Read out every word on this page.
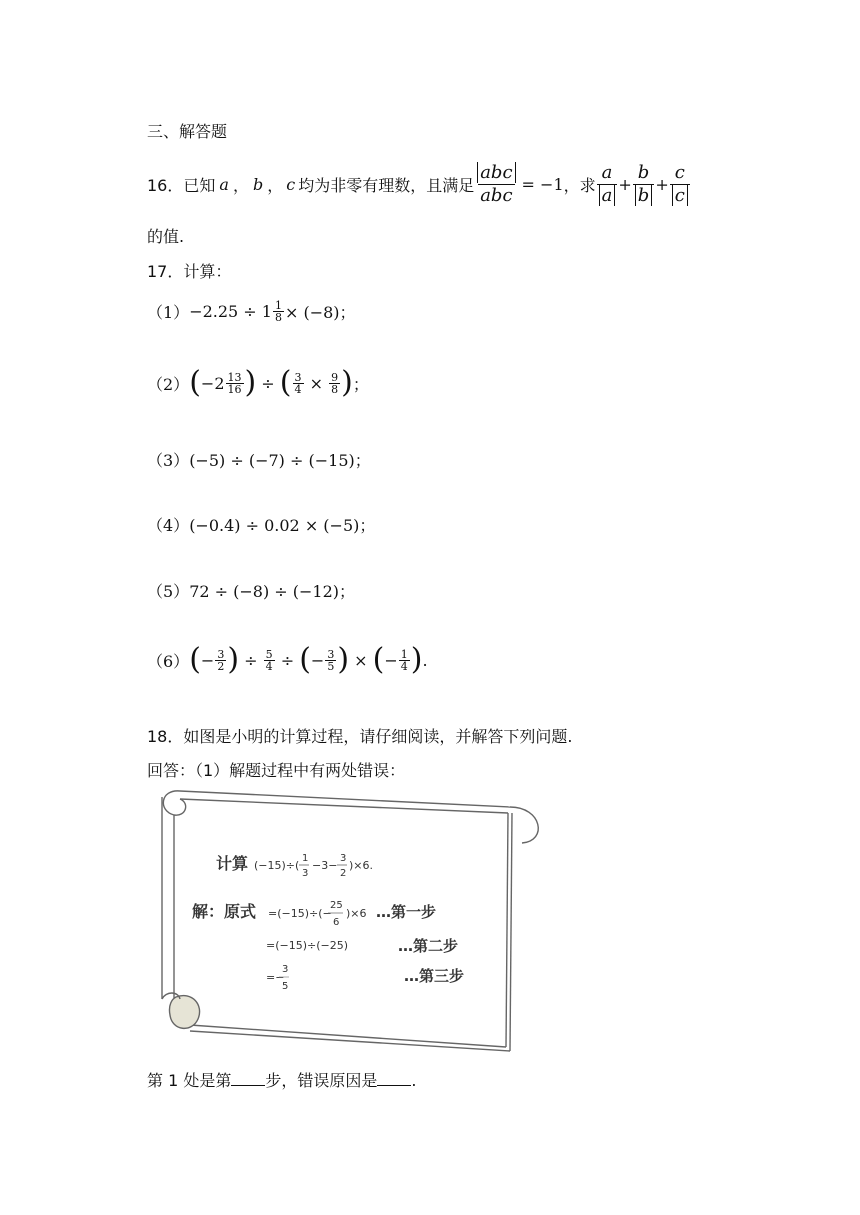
三、解答题
16． 已知 a ， b ， c 均为非零有理数，且满足 $\frac{\text{abc}}{\text{abc}} = -1$ ，求 $\frac{a}{a} + \frac{b}{b} + \frac{c}{c}$
的值.
17．计算：
$(1) -2.25 \div 1 \frac{1}{8} \times (-8)$；
（2） ( $-2 \frac{13}{16}$ ) ÷ ( $\frac{3}{4} \times \frac{9}{8}$ ) ；
（3）(−5) ÷ (−7) ÷ (−15)；
（4）(−0.4) ÷ 0.02 × (−5)；
（5）72 ÷ (−8) ÷ (−12)；
（6） ( − $\frac{3}{2}$ ) ÷ $\frac{5}{4}$ ÷ ( − $\frac{3}{5}$ ) × ( − $\frac{1}{4}$ ) .
18．如图是小明的计算过程，请仔细阅读，并解答下列问题.
回答：（1）解题过程中有两处错误：
计算 (−15)÷(
1
3
−3−
3
2
)×6.
解：原式 =(−15)÷(−
25
6
)×6 …第一步
=(−15)÷(−25)	…第二步
=−
3
5
…第三步
第 1 处是第 步，错误原因是 .
